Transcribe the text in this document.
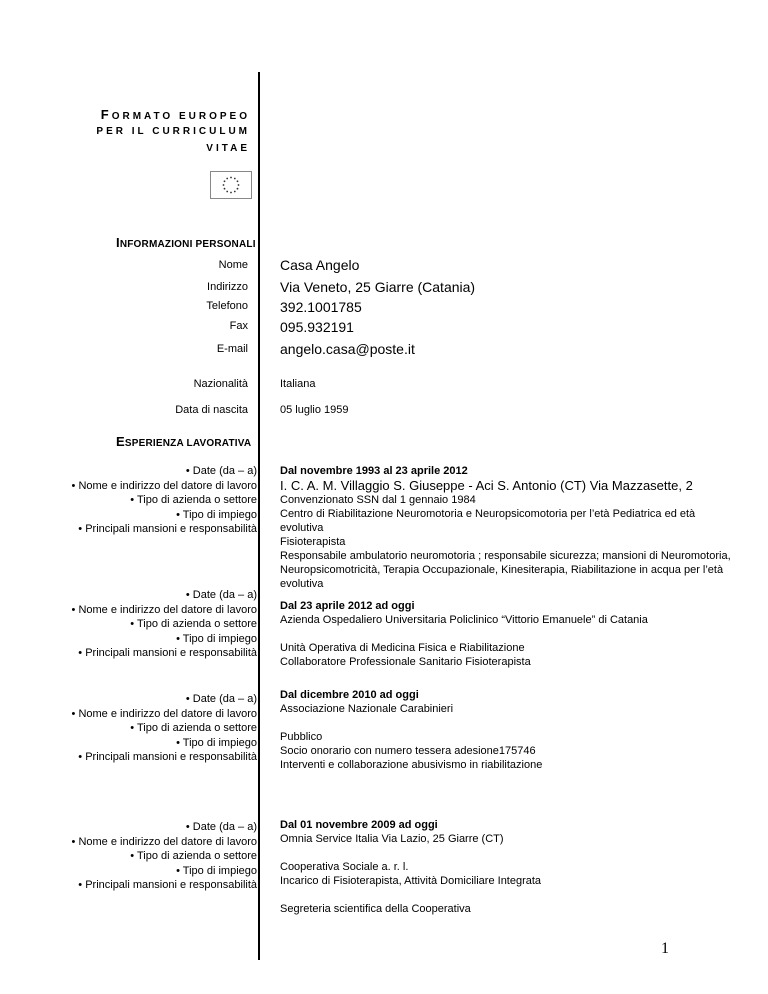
FORMATO EUROPEO
PER IL CURRICULUM
VITAE
INFORMAZIONI PERSONALI
Nome Casa Angelo
Indirizzo Via Veneto, 25 Giarre (Catania)
Telefono 392.1001785
Fax 095.932191
E-mail angelo.casa@poste.it
Nazionalità	Italiana
Data di nascita	05 luglio 1959
ESPERIENZA LAVORATIVA
• Date (da – a)
• Nome e indirizzo del datore di lavoro
• Tipo di azienda o settore
• Tipo di impiego
• Principali mansioni e responsabilità
Dal novembre 1993 al 23 aprile 2012
I. C. A. M. Villaggio S. Giuseppe - Aci S. Antonio (CT) Via Mazzasette, 2
Convenzionato SSN dal 1 gennaio 1984
Centro di Riabilitazione Neuromotoria e Neuropsicomotoria per l’età Pediatrica ed età evolutiva
Fisioterapista
Responsabile ambulatorio neuromotoria ; responsabile sicurezza; mansioni di Neuromotoria, Neuropsicomotricità, Terapia Occupazionale, Kinesiterapia, Riabilitazione in acqua per l’età evolutiva
• Date (da – a)
• Nome e indirizzo del datore di lavoro
• Tipo di azienda o settore
• Tipo di impiego
• Principali mansioni e responsabilità
Dal 23 aprile 2012 ad oggi
Azienda Ospedaliero Universitaria Policlinico “Vittorio Emanuele” di Catania
Unità Operativa di Medicina Fisica e Riabilitazione
Collaboratore Professionale Sanitario Fisioterapista
• Date (da – a)
• Nome e indirizzo del datore di lavoro
• Tipo di azienda o settore
• Tipo di impiego
• Principali mansioni e responsabilità
Dal dicembre 2010 ad oggi
Associazione Nazionale Carabinieri
Pubblico
Socio onorario con numero tessera adesione175746
Interventi e collaborazione abusivismo in riabilitazione
• Date (da – a)
• Nome e indirizzo del datore di lavoro
• Tipo di azienda o settore
• Tipo di impiego
• Principali mansioni e responsabilità
Dal 01 novembre 2009 ad oggi
Omnia Service Italia Via Lazio, 25 Giarre (CT)
Cooperativa Sociale a. r. l.
Incarico di Fisioterapista, Attività Domiciliare Integrata
Segreteria scientifica della Cooperativa
1
